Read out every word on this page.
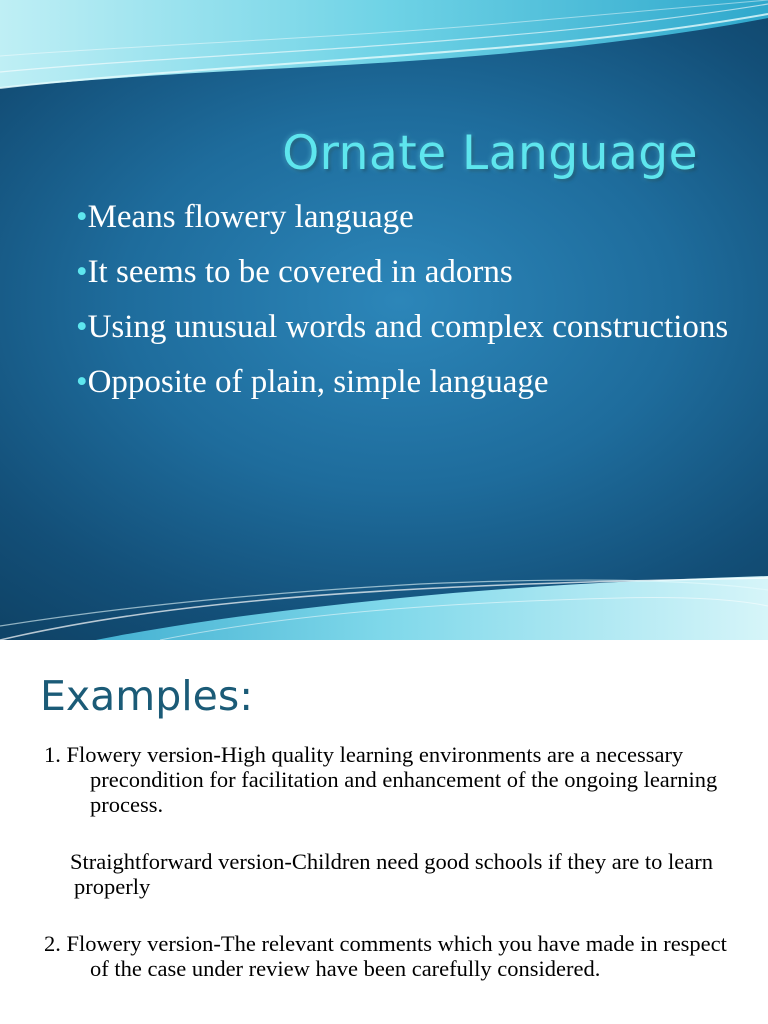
Ornate Language
•Means flowery language
•It seems to be covered in adorns
•Using unusual words and complex constructions
•Opposite of plain, simple language
Examples:

1. Flowery version-High quality learning environments are a necessary precondition for facilitation and enhancement of the ongoing learning process.

Straightforward version-Children need good schools if they are to learn properly

2. Flowery version-The relevant comments which you have made in respect of the case under review have been carefully considered.
